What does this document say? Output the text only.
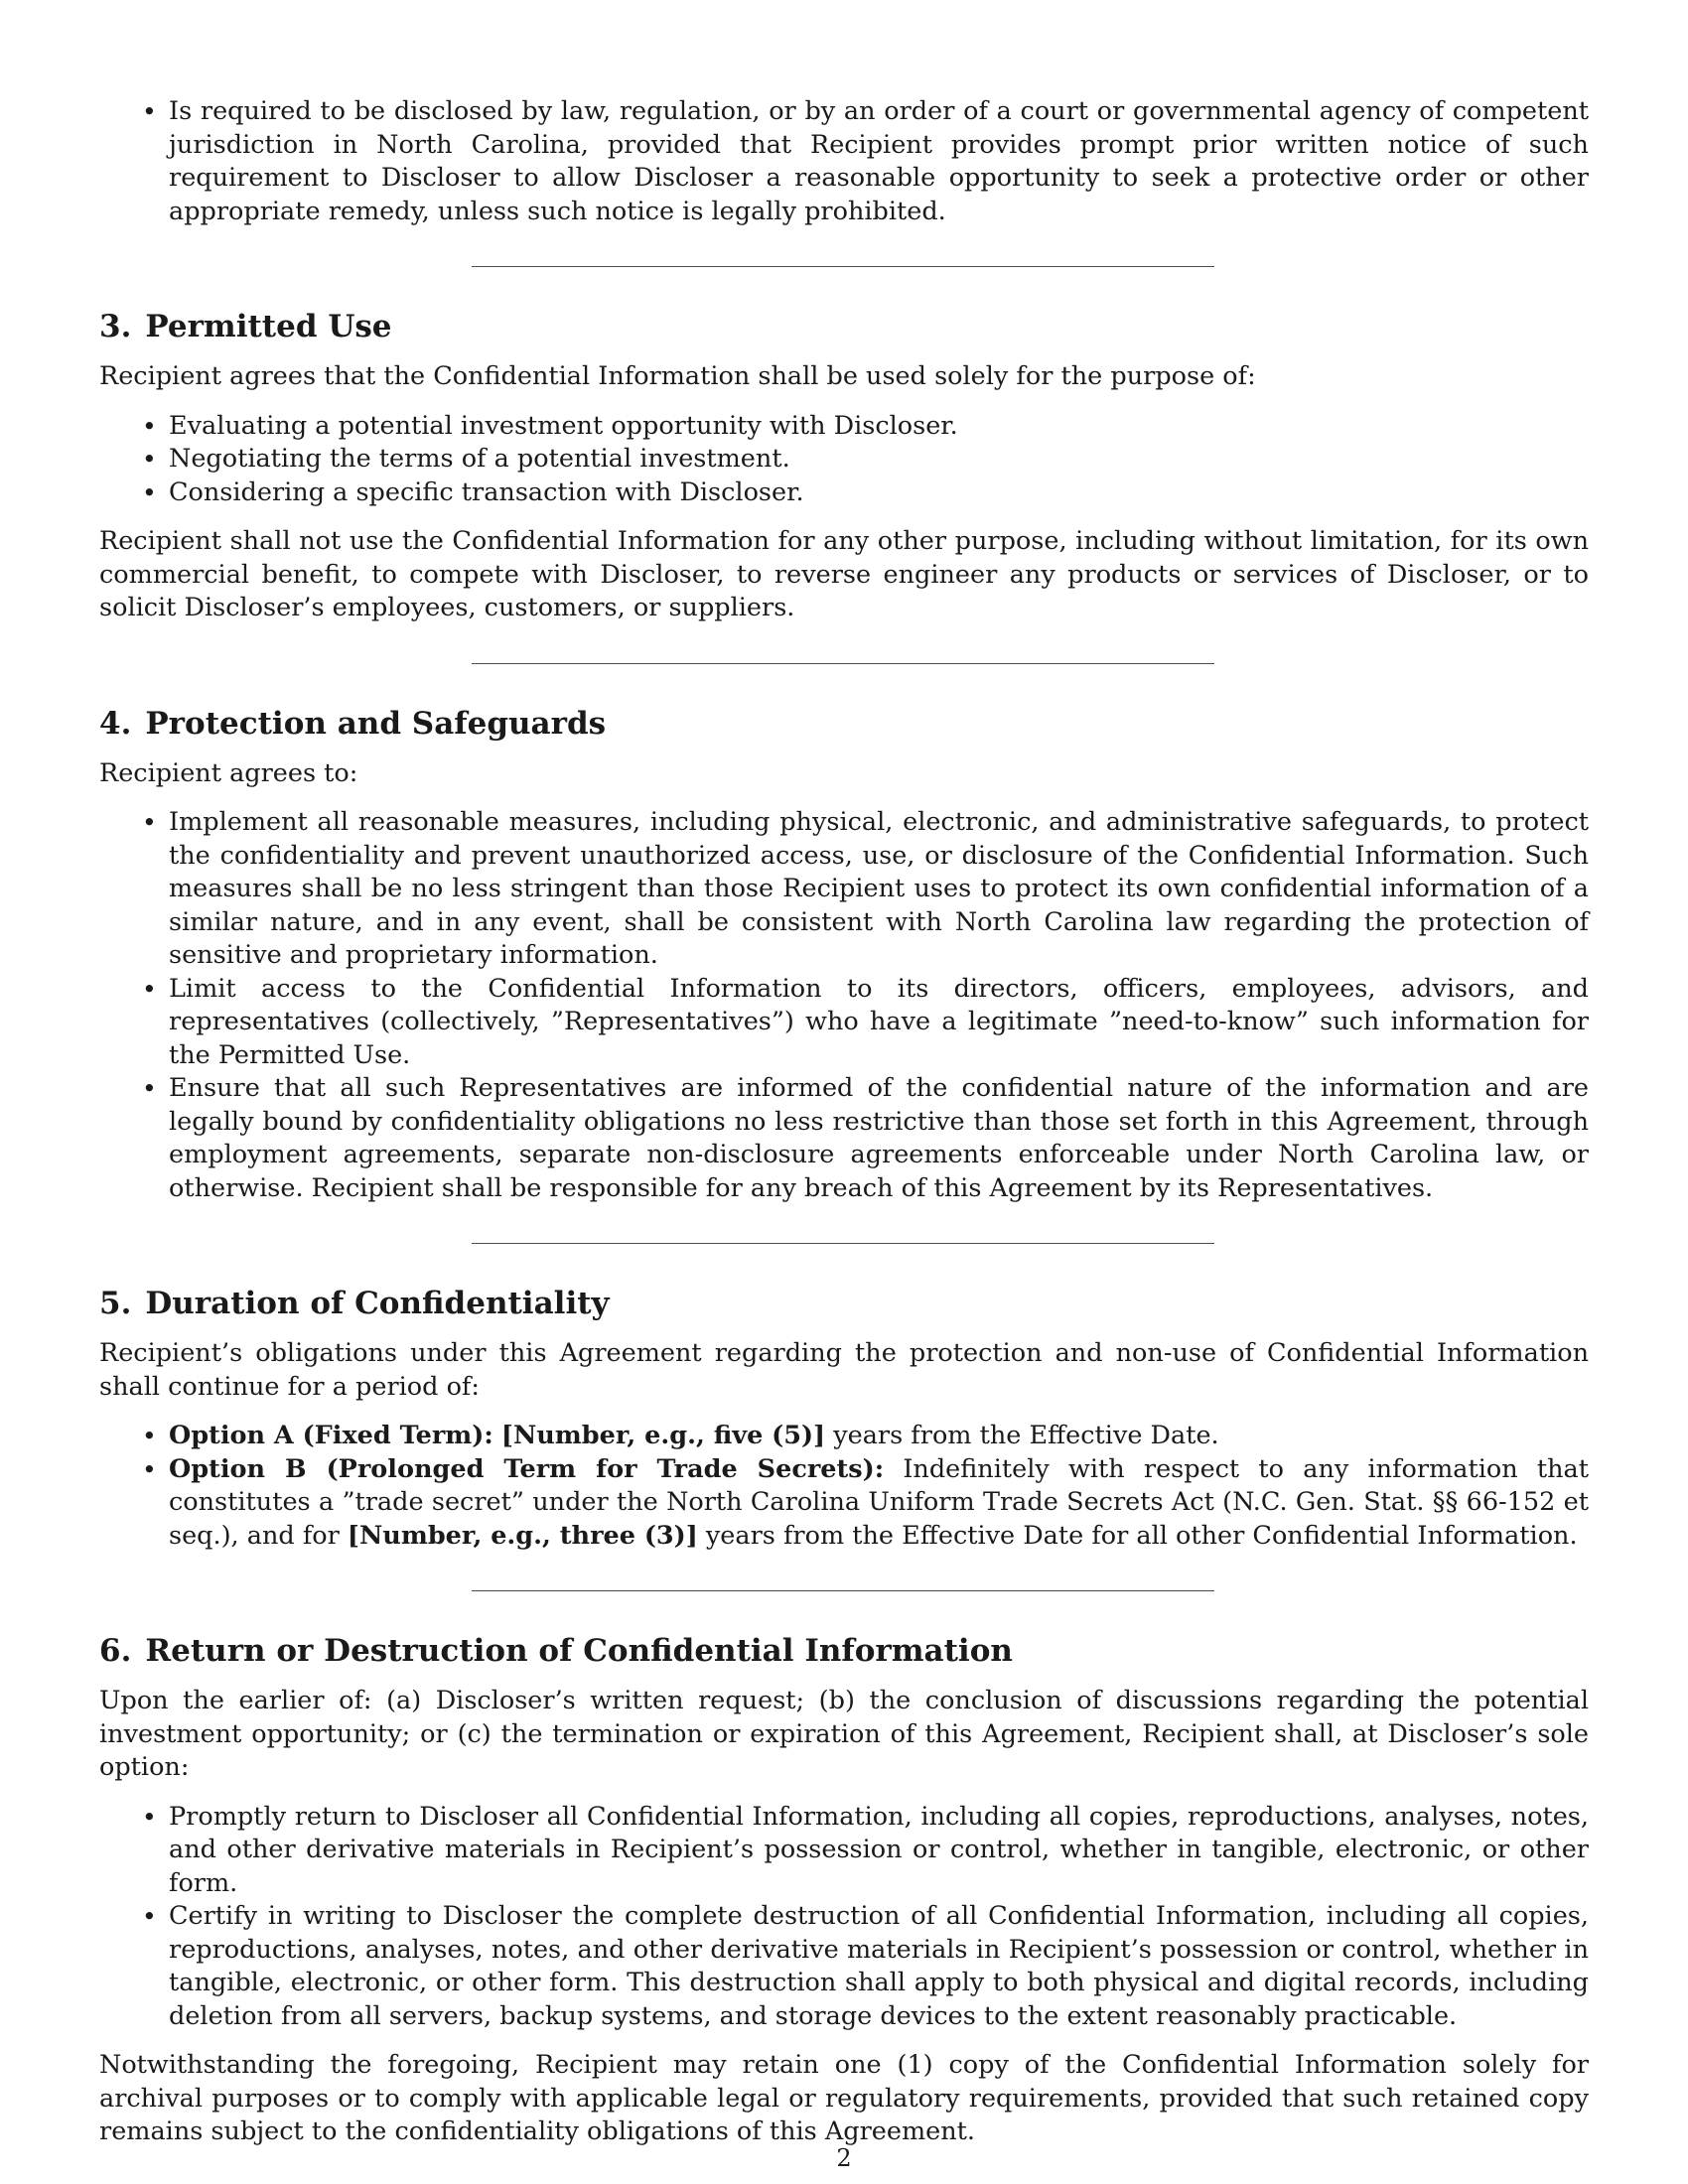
• Is required to be disclosed by law, regulation, or by an order of a court or governmental agency of competent jurisdiction in North Carolina, provided that Recipient provides prompt prior written notice of such requirement to Discloser to allow Discloser a reasonable opportunity to seek a protective order or other appropriate remedy, unless such notice is legally prohibited.
3. Permitted Use

Recipient agrees that the Confidential Information shall be used solely for the purpose of:

• Evaluating a potential investment opportunity with Discloser.
• Negotiating the terms of a potential investment.
• Considering a specific transaction with Discloser.

Recipient shall not use the Confidential Information for any other purpose, including without limitation, for its own commercial benefit, to compete with Discloser, to reverse engineer any products or services of Discloser, or to solicit Discloser’s employees, customers, or suppliers.

4. Protection and Safeguards

Recipient agrees to:

• Implement all reasonable measures, including physical, electronic, and administrative safeguards, to protect the confidentiality and prevent unauthorized access, use, or disclosure of the Confidential Information. Such measures shall be no less stringent than those Recipient uses to protect its own confidential information of a similar nature, and in any event, shall be consistent with North Carolina law regarding the protection of sensitive and proprietary information.
• Limit access to the Confidential Information to its directors, officers, employees, advisors, and representatives (collectively, ”Representatives”) who have a legitimate ”need-to-know” such information for the Permitted Use.
• Ensure that all such Representatives are informed of the confidential nature of the information and are legally bound by confidentiality obligations no less restrictive than those set forth in this Agreement, through employment agreements, separate non-disclosure agreements enforceable under North Carolina law, or otherwise. Recipient shall be responsible for any breach of this Agreement by its Representatives.
5. Duration of Confidentiality

Recipient’s obligations under this Agreement regarding the protection and non-use of Confidential Information shall continue for a period of:

• Option A (Fixed Term): [Number, e.g., five (5)] years from the Effective Date.
• Option B (Prolonged Term for Trade Secrets): Indefinitely with respect to any information that constitutes a ”trade secret” under the North Carolina Uniform Trade Secrets Act (N.C. Gen. Stat. §§ 66-152 et seq.), and for [Number, e.g., three (3)] years from the Effective Date for all other Confidential Information.
6. Return or Destruction of Confidential Information

Upon the earlier of: (a) Discloser’s written request; (b) the conclusion of discussions regarding the potential investment opportunity; or (c) the termination or expiration of this Agreement, Recipient shall, at Discloser’s sole option:

• Promptly return to Discloser all Confidential Information, including all copies, reproductions, analyses, notes, and other derivative materials in Recipient’s possession or control, whether in tangible, electronic, or other form.
• Certify in writing to Discloser the complete destruction of all Confidential Information, including all copies, reproductions, analyses, notes, and other derivative materials in Recipient’s possession or control, whether in tangible, electronic, or other form. This destruction shall apply to both physical and digital records, including deletion from all servers, backup systems, and storage devices to the extent reasonably practicable.

Notwithstanding the foregoing, Recipient may retain one (1) copy of the Confidential Information solely for archival purposes or to comply with applicable legal or regulatory requirements, provided that such retained copy remains subject to the confidentiality obligations of this Agreement.

2
